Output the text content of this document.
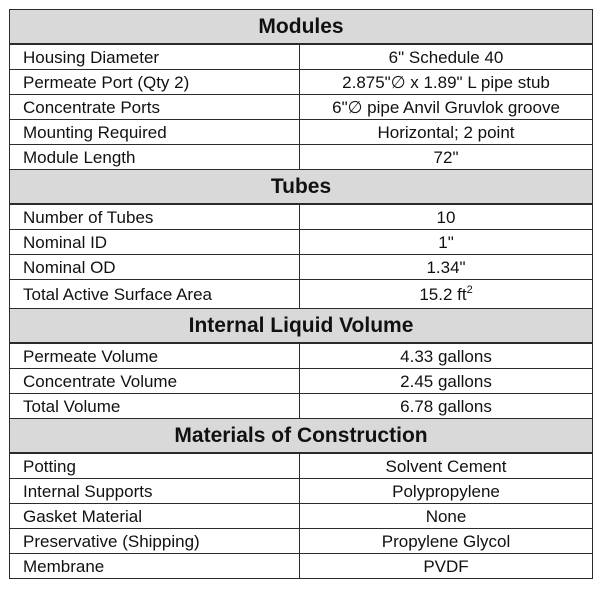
Modules	
Housing Diameter	6" Schedule 40
Permeate Port (Qty 2)	2.875"∅ x 1.89" L pipe stub
Concentrate Ports	6"∅ pipe Anvil Gruvlok groove
Mounting Required	Horizontal; 2 point
Module Length	72"
Tubes	
Number of Tubes	10
Nominal ID	1"
Nominal OD	1.34"
Total Active Surface Area	15.2 $ft^2$
Internal Liquid Volume	
Permeate Volume	4.33 gallons
Concentrate Volume	2.45 gallons
Total Volume	6.78 gallons
Materials of Construction	
Potting	Solvent Cement
Internal Supports	Polypropylene
Gasket Material	None
Preservative (Shipping)	Propylene Glycol
Membrane	PVDF
